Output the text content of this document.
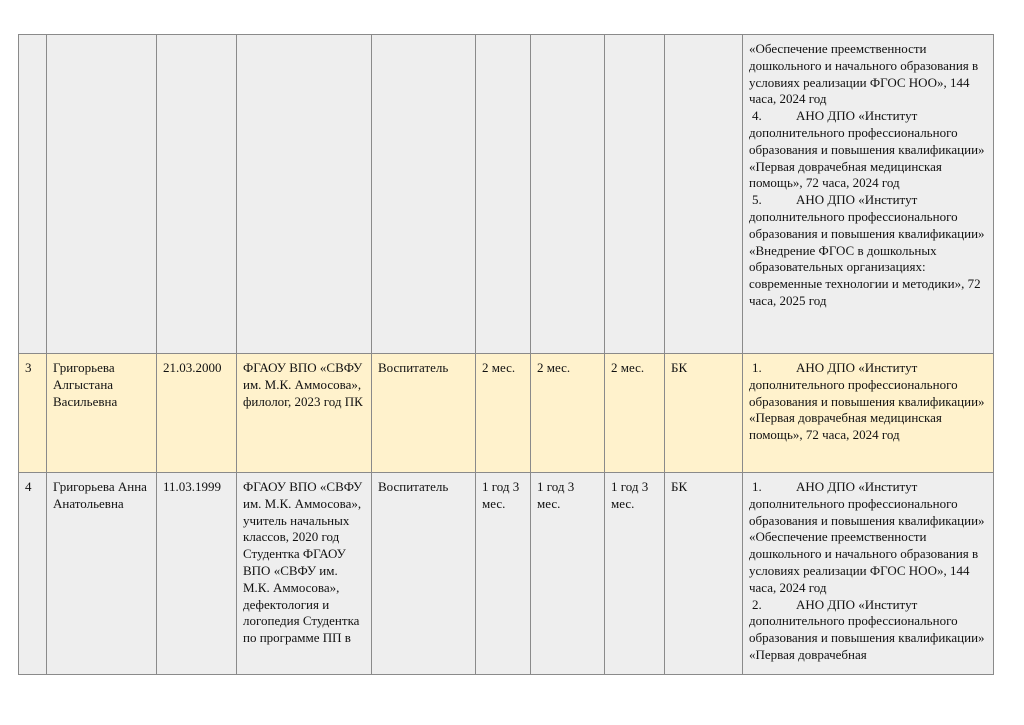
									«Обеспечение преемственности дошкольного и начального образования в условиях реализации ФГОС НОО», 144 часа, 2024 год
4. АНО ДПО «Институт дополнительного профессионального образования и повышения квалификации» «Первая доврачебная медицинская помощь», 72 часа, 2024 год
5. АНО ДПО «Институт дополнительного профессионального образования и повышения квалификации» «Внедрение ФГОС в дошкольных образовательных организациях: современные технологии и методики», 72 часа, 2025 год

3	Григорьева Алгыстана Васильевна	21.03.2000	ФГАОУ ВПО «СВФУ им. М.К. Аммосова», филолог, 2023 год ПК	Воспитатель	2 мес.	2 мес.	2 мес.	БК	1. АНО ДПО «Институт дополнительного профессионального образования и повышения квалификации» «Первая доврачебная медицинская помощь», 72 часа, 2024 год

4	Григорьева Анна Анатольевна	11.03.1999	ФГАОУ ВПО «СВФУ им. М.К. Аммосова», учитель начальных классов, 2020 год Студентка ФГАОУ ВПО «СВФУ им. М.К. Аммосова», дефектология и логопедия Студентка по программе ПП в	Воспитатель	1 год 3 мес.	1 год 3 мес.	1 год 3 мес.	БК	1. АНО ДПО «Институт дополнительного профессионального образования и повышения квалификации»
«Обеспечение преемственности дошкольного и начального образования в условиях реализации ФГОС НОО», 144 часа, 2024 год
2. АНО ДПО «Институт дополнительного профессионального образования и повышения квалификации» «Первая доврачебная
